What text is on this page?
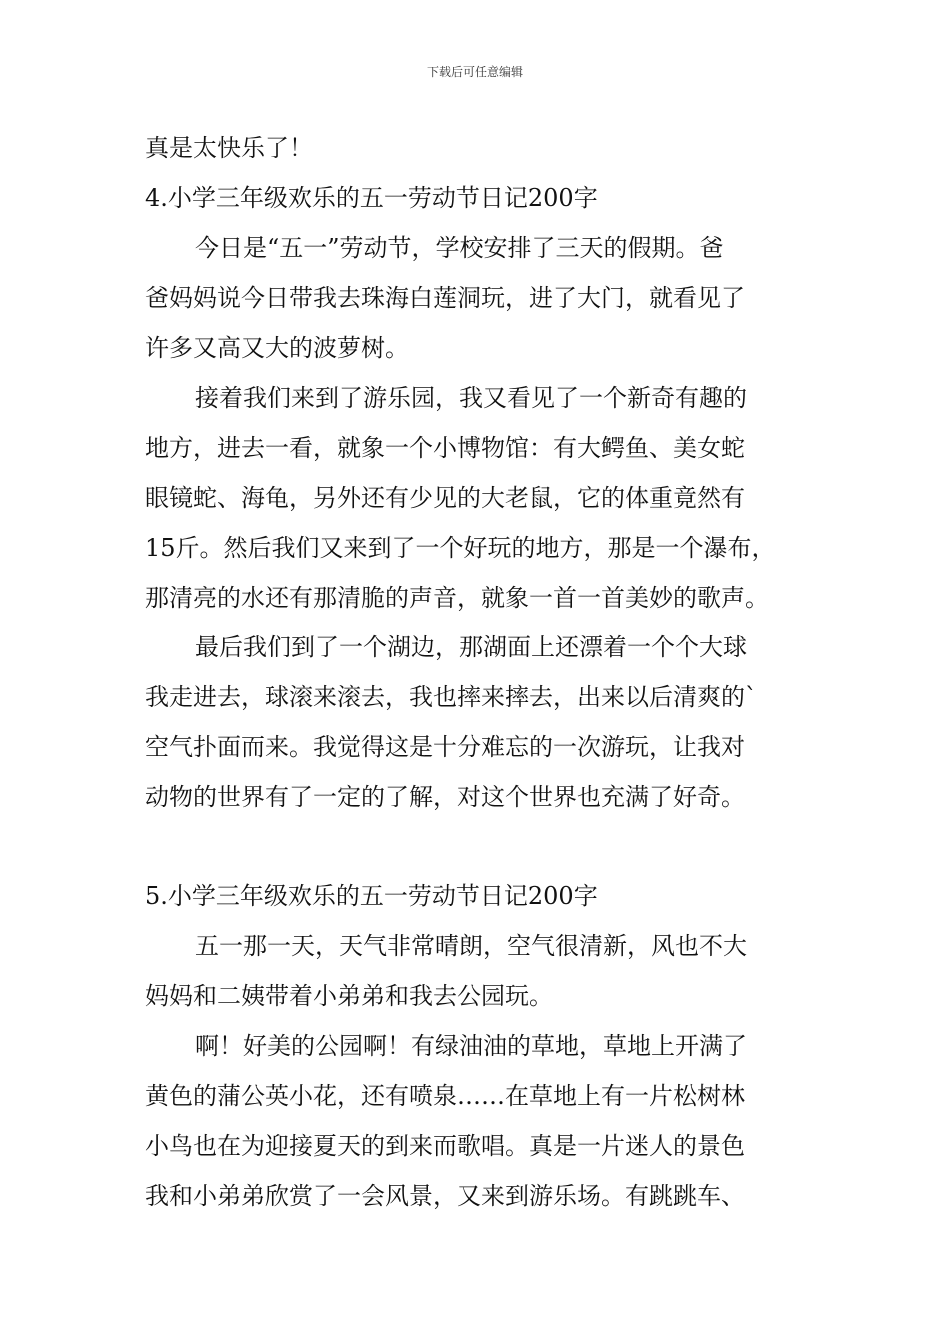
下载后可任意编辑
真是太快乐了！
4.小学三年级欢乐的五一劳动节日记200字
今日是“五一”劳动节，学校安排了三天的假期。爸
爸妈妈说今日带我去珠海白莲洞玩，进了大门，就看见了
许多又高又大的波萝树。
接着我们来到了游乐园，我又看见了一个新奇有趣的
地方，进去一看，就象一个小博物馆：有大鳄鱼、美女蛇
眼镜蛇、海龟，另外还有少见的大老鼠，它的体重竟然有
15斤。然后我们又来到了一个好玩的地方，那是一个瀑布，
那清亮的水还有那清脆的声音，就象一首一首美妙的歌声。
最后我们到了一个湖边，那湖面上还漂着一个个大球
我走进去，球滚来滚去，我也摔来摔去，出来以后清爽的`
空气扑面而来。我觉得这是十分难忘的一次游玩，让我对
动物的世界有了一定的了解，对这个世界也充满了好奇。
5.小学三年级欢乐的五一劳动节日记200字
五一那一天，天气非常晴朗，空气很清新，风也不大
妈妈和二姨带着小弟弟和我去公园玩。
啊！好美的公园啊！有绿油油的草地，草地上开满了
黄色的蒲公英小花，还有喷泉……在草地上有一片松树林
小鸟也在为迎接夏天的到来而歌唱。真是一片迷人的景色
我和小弟弟欣赏了一会风景，又来到游乐场。有跳跳车、
